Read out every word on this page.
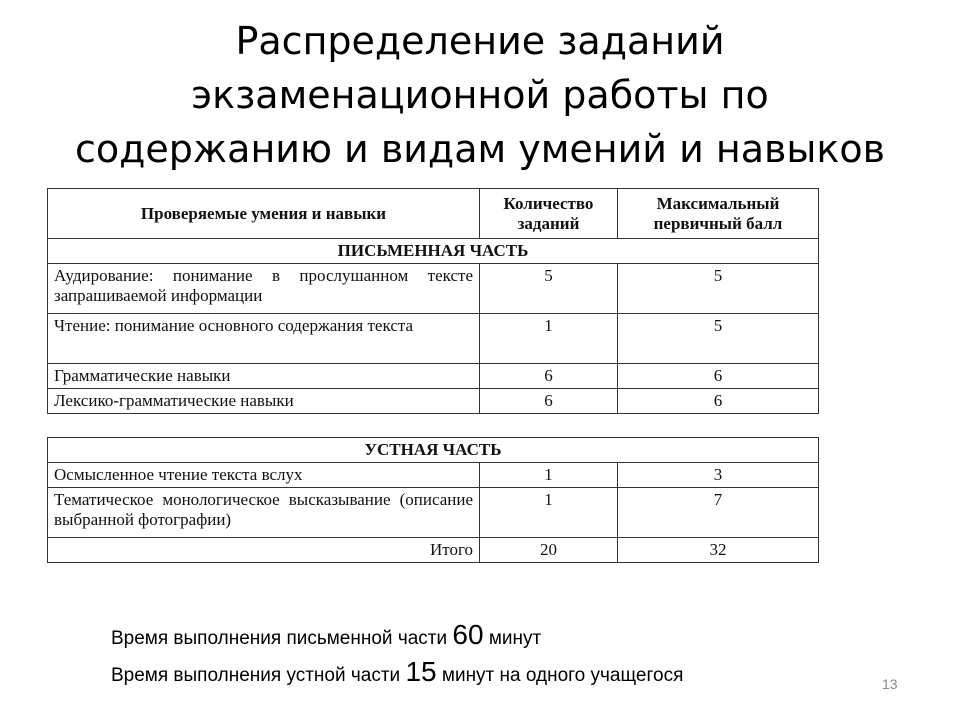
Распределение заданий
экзаменационной работы по
содержанию и видам умений и навыков
Проверяемые умения и навыки	Количество заданий	Максимальный первичный балл
ПИСЬМЕННАЯ ЧАСТЬ		
Аудирование: понимание в прослушанном тексте запрашиваемой информации	5	5
Чтение: понимание основного содержания текста	1	5
Грамматические навыки	6	6
Лексико-грамматические навыки	6	6
УСТНАЯ ЧАСТЬ		
Осмысленное чтение текста вслух	1	3
Тематическое монологическое высказывание (описание выбранной фотографии)	1	7
Итого	20	32
Время выполнения письменной части 60 минут
Время выполнения устной части 15 минут на одного учащегося	13
